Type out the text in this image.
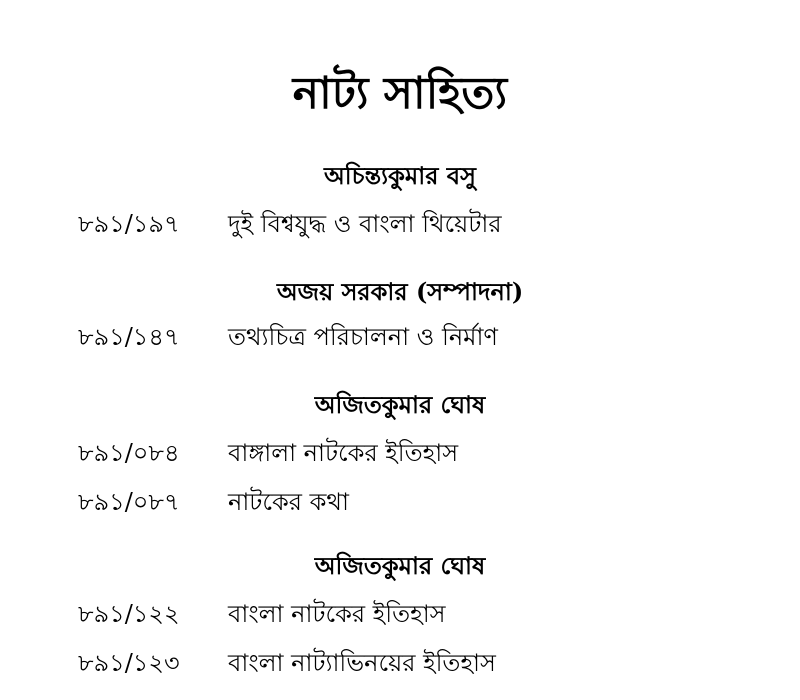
নাট্য সাহিত্য
অচিন্ত্যকুমার বসু
৮৯১/১৯৭ দুই বিশ্বযুদ্ধ ও বাংলা থিয়েটার
অজয় সরকার (সম্পাদনা)
৮৯১/১৪৭ তথ্যচিত্র পরিচালনা ও নির্মাণ
অজিতকুমার ঘোষ
৮৯১/০৮৪ বাঙ্গালা নাটকের ইতিহাস
৮৯১/০৮৭ নাটকের কথা
অজিতকুমার ঘোষ
৮৯১/১২২ বাংলা নাটকের ইতিহাস
৮৯১/১২৩ বাংলা নাট্যাভিনয়ের ইতিহাস
